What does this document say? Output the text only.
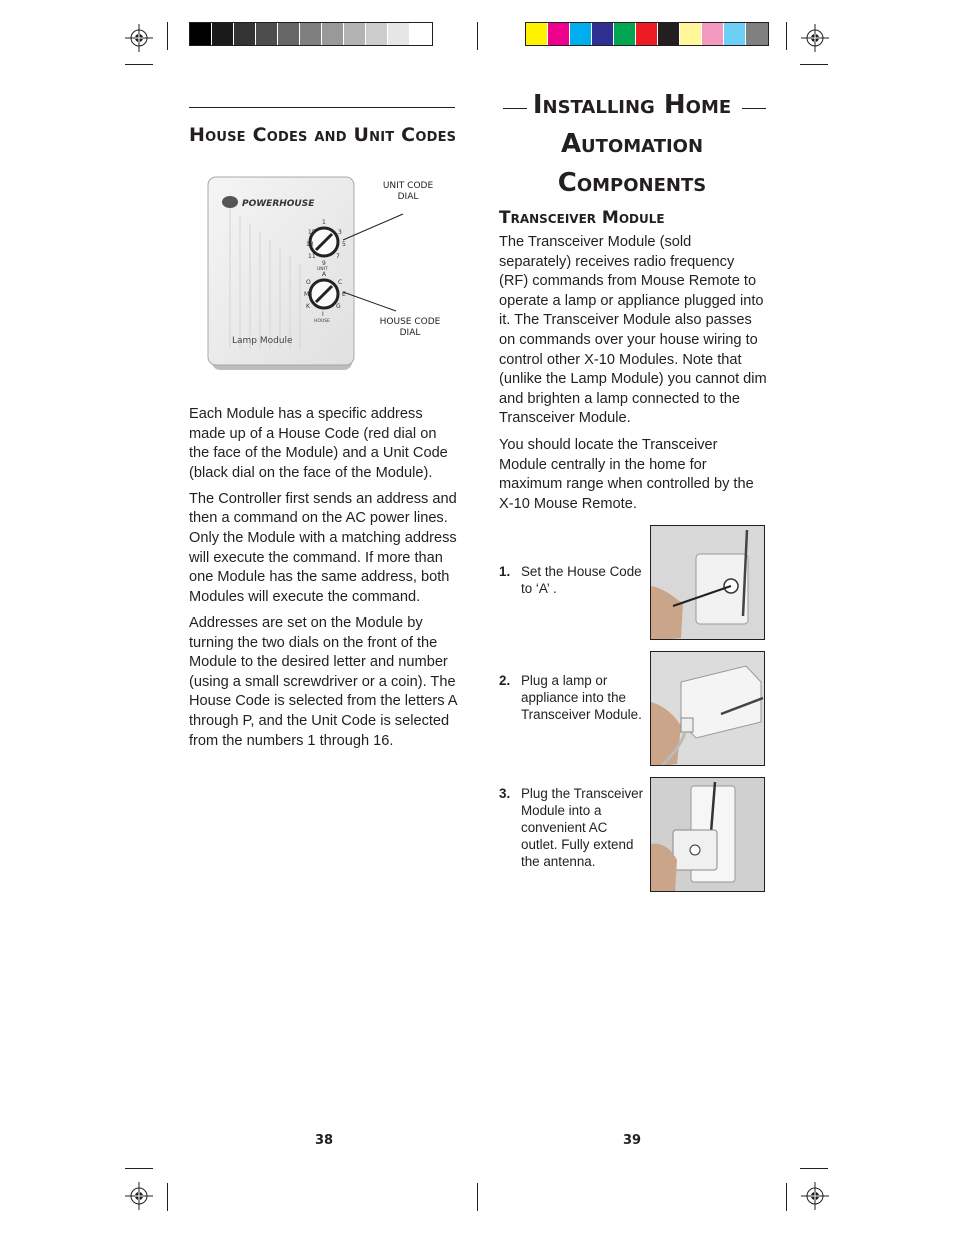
House Codes and Unit Codes
POWERHOUSE
1
3
5
7
9
15
13
11
A
C
E
G
I
O
M
K
UNIT
HOUSE
Lamp Module
UNIT CODE
DIAL
HOUSE CODE
DIAL

Each Module has a specific address made up of a House Code (red dial on the face of the Module) and a Unit Code (black dial on the face of the Module).

The Controller first sends an address and then a command on the AC power lines. Only the Module with a matching address will execute the command. If more than one Module has the same address, both Modules will execute the command.

Addresses are set on the Module by turning the two dials on the front of the Module to the desired letter and number (using a small screwdriver or a coin). The House Code is selected from the letters A through P, and the Unit Code is selected from the numbers 1 through 16.

38
Installing Home
Automation
Components
Transceiver Module

The Transceiver Module (sold separately) receives radio frequency (RF) commands from Mouse Remote to operate a lamp or appliance plugged into it. The Transceiver Module also passes on commands over your house wiring to control other X-10 Modules. Note that (unlike the Lamp Module) you cannot dim and brighten a lamp connected to the Transceiver Module.

You should locate the Transceiver Module centrally in the home for maximum range when controlled by the X-10 Mouse Remote.

1. Set the House Code to ‘A’ .
2. Plug a lamp or appliance into the Transceiver Module.
3. Plug the Transceiver Module into a convenient AC outlet. Fully extend the antenna.
39
